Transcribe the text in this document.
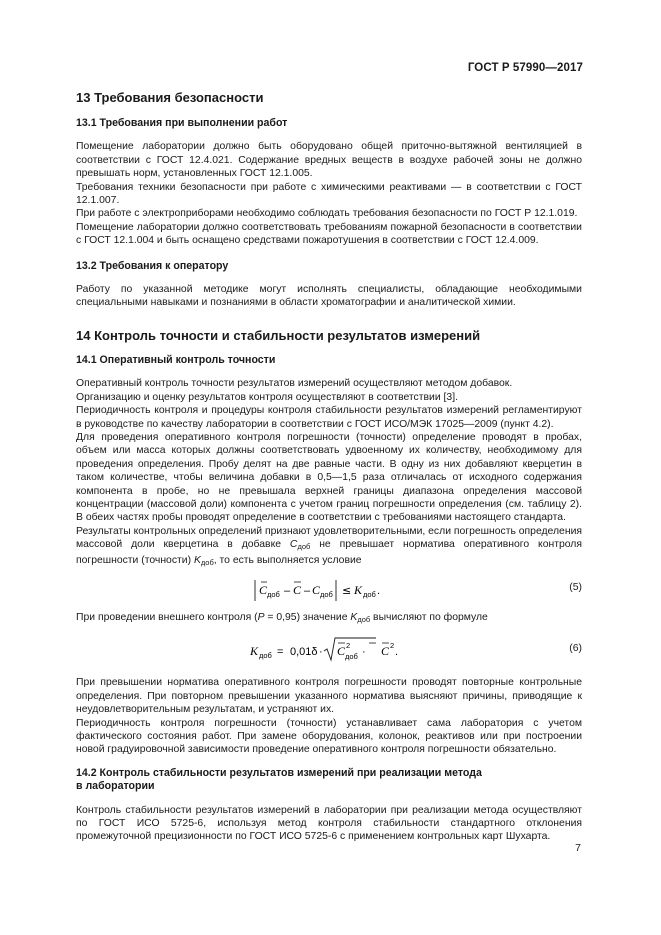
ГОСТ Р 57990—2017
13 Требования безопасности
13.1 Требования при выполнении работ

Помещение лаборатории должно быть оборудовано общей приточно-вытяжной вентиляцией в соответствии с ГОСТ 12.4.021. Содержание вредных веществ в воздухе рабочей зоны не должно превышать норм, установленных ГОСТ 12.1.005.

Требования техники безопасности при работе с химическими реактивами — в соответствии с ГОСТ 12.1.007.

При работе с электроприборами необходимо соблюдать требования безопасности по ГОСТ Р 12.1.019.

Помещение лаборатории должно соответствовать требованиям пожарной безопасности в соответствии с ГОСТ 12.1.004 и быть оснащено средствами пожаротушения в соответствии с ГОСТ 12.4.009.

13.2 Требования к оператору

Работу по указанной методике могут исполнять специалисты, обладающие необходимыми специальными навыками и познаниями в области хроматографии и аналитической химии.

14 Контроль точности и стабильности результатов измерений
14.1 Оперативный контроль точности

Оперативный контроль точности результатов измерений осуществляют методом добавок.

Организацию и оценку результатов контроля осуществляют в соответствии [3].

Периодичность контроля и процедуры контроля стабильности результатов измерений регламентируют в руководстве по качеству лаборатории в соответствии с ГОСТ ИСО/МЭК 17025—2009 (пункт 4.2).

Для проведения оперативного контроля погрешности (точности) определение проводят в пробах, объем или масса которых должны соответствовать удвоенному их количеству, необходимому для проведения определения. Пробу делят на две равные части. В одну из них добавляют кверцетин в таком количестве, чтобы величина добавки в 0,5—1,5 раза отличалась от исходного содержания компонента в пробе, но не превышала верхней границы диапазона определения массовой концентрации (массовой доли) компонента с учетом границ погрешности определения (см. таблицу 2). В обеих частях пробы проводят определение в соответствии с требованиями настоящего стандарта.

Результаты контрольных определений признают удовлетворительными, если погрешность определения массовой доли кверцетина в добавке $C_{доб}$ не превышает норматива оперативного контроля погрешности (точности) $K_{доб}$, то есть выполняется условие

C доб – C – C доб ≤ K доб .	(5)

При проведении внешнего контроля (P = 0,95) значение $K_{доб}$ вычисляют по формуле

K доб = 0,01δ · C 2
доб · C 2
.	(6)

При превышении норматива оперативного контроля погрешности проводят повторные контрольные определения. При повторном превышении указанного норматива выясняют причины, приводящие к неудовлетворительным результатам, и устраняют их.

Периодичность контроля погрешности (точности) устанавливает сама лаборатория с учетом фактического состояния работ. При замене оборудования, колонок, реактивов или при построении новой градуировочной зависимости проведение оперативного контроля погрешности обязательно.

14.2 Контроль стабильности результатов измерений при реализации метода
в лаборатории

Контроль стабильности результатов измерений в лаборатории при реализации метода осуществляют по ГОСТ ИСО 5725-6, используя метод контроля стабильности стандартного отклонения промежуточной прецизионности по ГОСТ ИСО 5725-6 с применением контрольных карт Шухарта.

7
